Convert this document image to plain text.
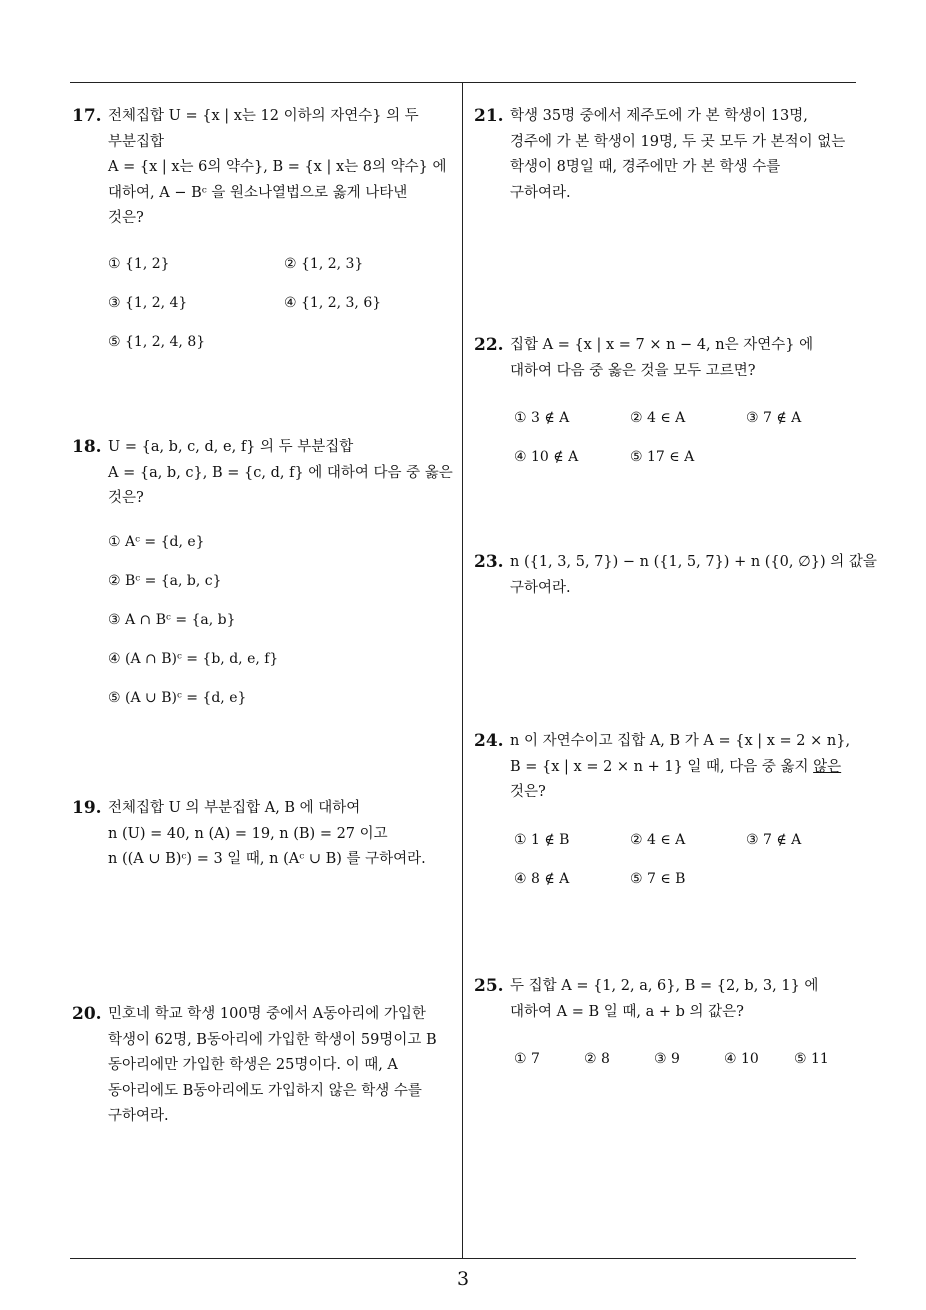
17. 전체집합 U = {x | x는 12 이하의 자연수} 의 두
부분집합
A = {x | x는 6의 약수}, B = {x | x는 8의 약수} 에
대하여, A − Bᶜ 을 원소나열법으로 옳게 나타낸
것은?
① {1, 2}	② {1, 2, 3}
③ {1, 2, 4}	④ {1, 2, 3, 6}
⑤ {1, 2, 4, 8}
18. U = {a, b, c, d, e, f} 의 두 부분집합
A = {a, b, c}, B = {c, d, f} 에 대하여 다음 중 옳은
것은?
① Aᶜ = {d, e}
② Bᶜ = {a, b, c}
③ A ∩ Bᶜ = {a, b}
④ (A ∩ B)ᶜ = {b, d, e, f}
⑤ (A ∪ B)ᶜ = {d, e}
19. 전체집합 U 의 부분집합 A, B 에 대하여
n (U) = 40, n (A) = 19, n (B) = 27 이고
n ((A ∪ B)ᶜ) = 3 일 때, n (Aᶜ ∪ B) 를 구하여라.
20. 민호네 학교 학생 100명 중에서 A동아리에 가입한
학생이 62명, B동아리에 가입한 학생이 59명이고 B
동아리에만 가입한 학생은 25명이다. 이 때, A
동아리에도 B동아리에도 가입하지 않은 학생 수를
구하여라.
21. 학생 35명 중에서 제주도에 가 본 학생이 13명,
경주에 가 본 학생이 19명, 두 곳 모두 가 본적이 없는
학생이 8명일 때, 경주에만 가 본 학생 수를
구하여라.
22. 집합 A = {x | x = 7 × n − 4, n은 자연수} 에
대하여 다음 중 옳은 것을 모두 고르면?
① 3 ∉ A	② 4 ∈ A	③ 7 ∉ A
④ 10 ∉ A	⑤ 17 ∈ A
23. n ({1, 3, 5, 7}) − n ({1, 5, 7}) + n ({0, ∅}) 의 값을
구하여라.
24. n 이 자연수이고 집합 A, B 가 A = {x | x = 2 × n},
B = {x | x = 2 × n + 1} 일 때, 다음 중 옳지 않은
것은?
① 1 ∉ B	② 4 ∈ A	③ 7 ∉ A
④ 8 ∉ A	⑤ 7 ∈ B
25. 두 집합 A = {1, 2, a, 6}, B = {2, b, 3, 1} 에
대하여 A = B 일 때, a + b 의 값은?
① 7	② 8	③ 9	④ 10	⑤ 11
3
